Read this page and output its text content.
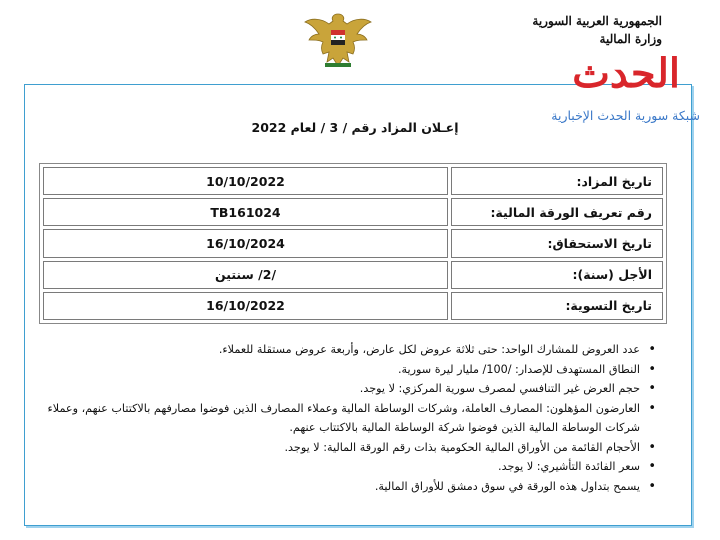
الجمهورية العربية السورية
وزارة المالية
الحدث
شبكة سورية الحدث الإخبارية
إعـلان المزاد رقم / 3 / لعام 2022
تاريخ المزاد:	10/10/2022
رقم تعريف الورقة المالية:	TB161024
تاريخ الاستحقاق:	16/10/2024
الأجل (سنة):	/2/ سنتين
تاريخ التسوية:	16/10/2022
• عدد العروض للمشارك الواحد: حتى ثلاثة عروض لكل عارض، وأربعة عروض مستقلة للعملاء.
• النطاق المستهدف للإصدار: /100/ مليار ليرة سورية.
• حجم العرض غير التنافسي لمصرف سورية المركزي: لا يوجد.
• العارضون المؤهلون: المصارف العاملة، وشركات الوساطة المالية وعملاء المصارف الذين فوضوا مصارفهم بالاكتتاب عنهم، وعملاء شركات الوساطة المالية الذين فوضوا شركة الوساطة المالية بالاكتتاب عنهم.
• الأحجام القائمة من الأوراق المالية الحكومية بذات رقم الورقة المالية: لا يوجد.
• سعر الفائدة التأشيري: لا يوجد.
• يسمح بتداول هذه الورقة في سوق دمشق للأوراق المالية.
